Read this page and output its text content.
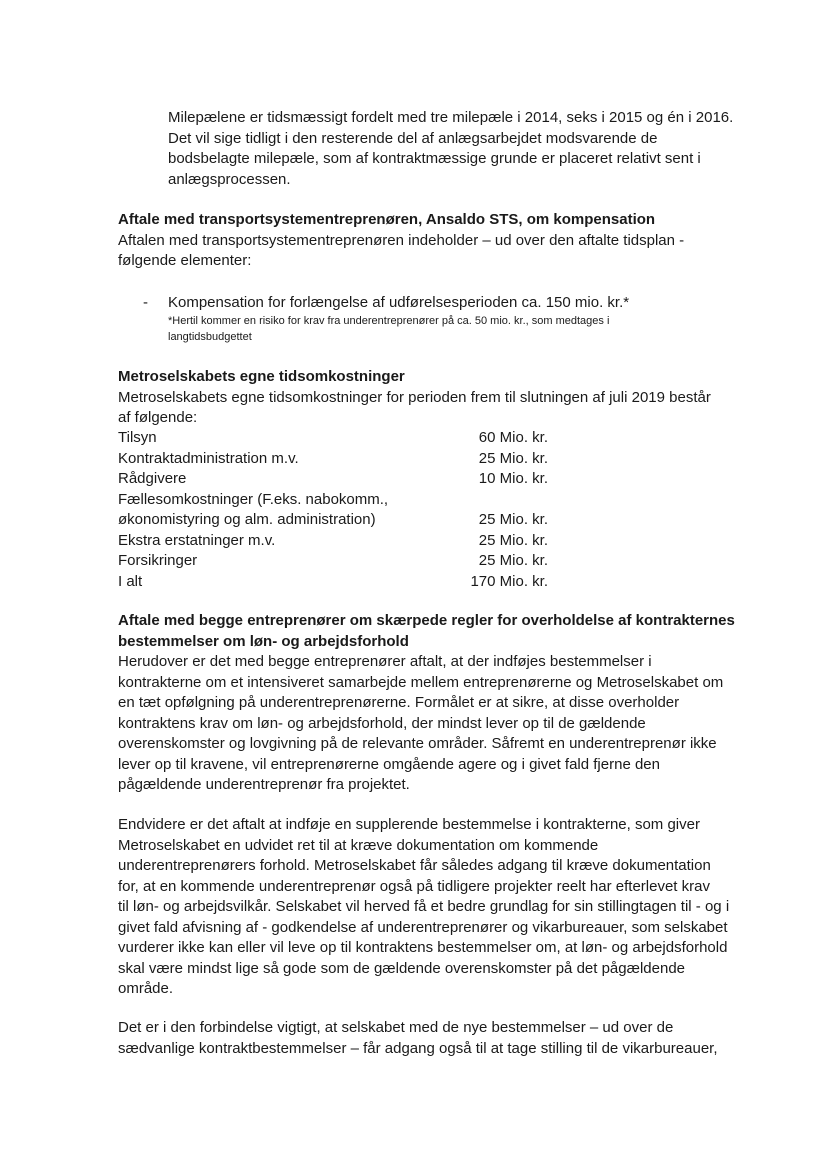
Milepælene er tidsmæssigt fordelt med tre milepæle i 2014, seks i 2015 og én i 2016.

Det vil sige tidligt i den resterende del af anlægsarbejdet modsvarende de

bodsbelagte milepæle, som af kontraktmæssige grunde er placeret relativt sent i

anlægsprocessen.

Aftale med transportsystementreprenøren, Ansaldo STS, om kompensation

Aftalen med transportsystementreprenøren indeholder – ud over den aftalte tidsplan -

følgende elementer:

- Kompensation for forlængelse af udførelsesperioden ca. 150 mio. kr.*

*Hertil kommer en risiko for krav fra underentreprenører på ca. 50 mio. kr., som medtages i

langtidsbudgettet

Metroselskabets egne tidsomkostninger

Metroselskabets egne tidsomkostninger for perioden frem til slutningen af juli 2019 består

af følgende:

Tilsyn	60 Mio. kr.
Kontraktadministration m.v.	25 Mio. kr.
Rådgivere	10 Mio. kr.
Fællesomkostninger (F.eks. nabokomm.,
økonomistyring og alm. administration)	25 Mio. kr.
Ekstra erstatninger m.v.	25 Mio. kr.
Forsikringer	25 Mio. kr.
I alt	170 Mio. kr.

Aftale med begge entreprenører om skærpede regler for overholdelse af kontrakternes

bestemmelser om løn- og arbejdsforhold

Herudover er det med begge entreprenører aftalt, at der indføjes bestemmelser i

kontrakterne om et intensiveret samarbejde mellem entreprenørerne og Metroselskabet om

en tæt opfølgning på underentreprenørerne. Formålet er at sikre, at disse overholder

kontraktens krav om løn- og arbejdsforhold, der mindst lever op til de gældende

overenskomster og lovgivning på de relevante områder. Såfremt en underentreprenør ikke

lever op til kravene, vil entreprenørerne omgående agere og i givet fald fjerne den

pågældende underentreprenør fra projektet.

Endvidere er det aftalt at indføje en supplerende bestemmelse i kontrakterne, som giver

Metroselskabet en udvidet ret til at kræve dokumentation om kommende

underentreprenørers forhold. Metroselskabet får således adgang til kræve dokumentation

for, at en kommende underentreprenør også på tidligere projekter reelt har efterlevet krav

til løn- og arbejdsvilkår. Selskabet vil herved få et bedre grundlag for sin stillingtagen til - og i

givet fald afvisning af - godkendelse af underentreprenører og vikarbureauer, som selskabet

vurderer ikke kan eller vil leve op til kontraktens bestemmelser om, at løn- og arbejdsforhold

skal være mindst lige så gode som de gældende overenskomster på det pågældende

område.

Det er i den forbindelse vigtigt, at selskabet med de nye bestemmelser – ud over de

sædvanlige kontraktbestemmelser – får adgang også til at tage stilling til de vikarbureauer,
